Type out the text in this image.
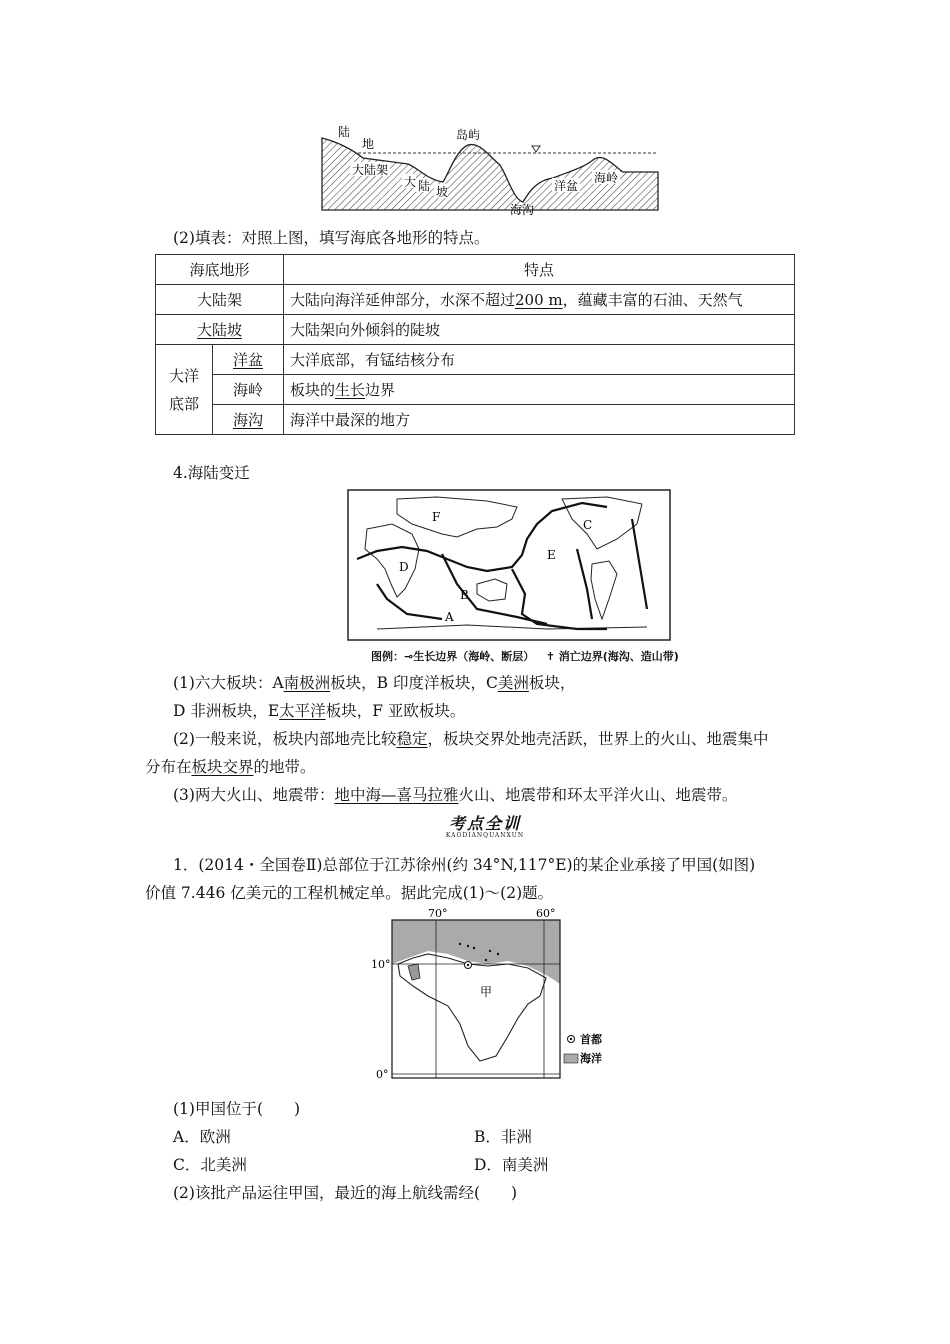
陆
地
岛屿
大陆架
大 陆 坡	洋盆
海岭
海沟
(2)填表：对照上图，填写海底各地形的特点。
海底地形		特点
大陆架		大陆向海洋延伸部分，水深不超过200 m，蕴藏丰富的石油、天然气
大陆坡		大陆架向外倾斜的陡坡
大洋
底部	洋盆	大洋底部，有锰结核分布
	海岭	板块的生长边界
	海沟	海洋中最深的地方
4.海陆变迁
A
B
C
D
E
F
图例：⊸生长边界（海岭、断层） ✝ 消亡边界(海沟、造山带)
(1)六大板块：A南极洲板块，B 印度洋板块，C美洲板块，
D 非洲板块，E太平洋板块，F 亚欧板块。
(2)一般来说，板块内部地壳比较稳定，板块交界处地壳活跃，世界上的火山、地震集中
分布在板块交界的地带。
(3)两大火山、地震带：地中海—喜马拉雅火山、地震带和环太平洋火山、地震带。
考点全训
KAODIANQUANXUN
1．(2014・全国卷Ⅱ)总部位于江苏徐州(约 34°N,117°E)的某企业承接了甲国(如图)
价值 7.446 亿美元的工程机械定单。据此完成(1)～(2)题。
70°	60°
10°
0°
甲
首都
海洋
(1)甲国位于(　　)
A．欧洲	B．非洲
C．北美洲	D．南美洲
(2)该批产品运往甲国，最近的海上航线需经(　　)
